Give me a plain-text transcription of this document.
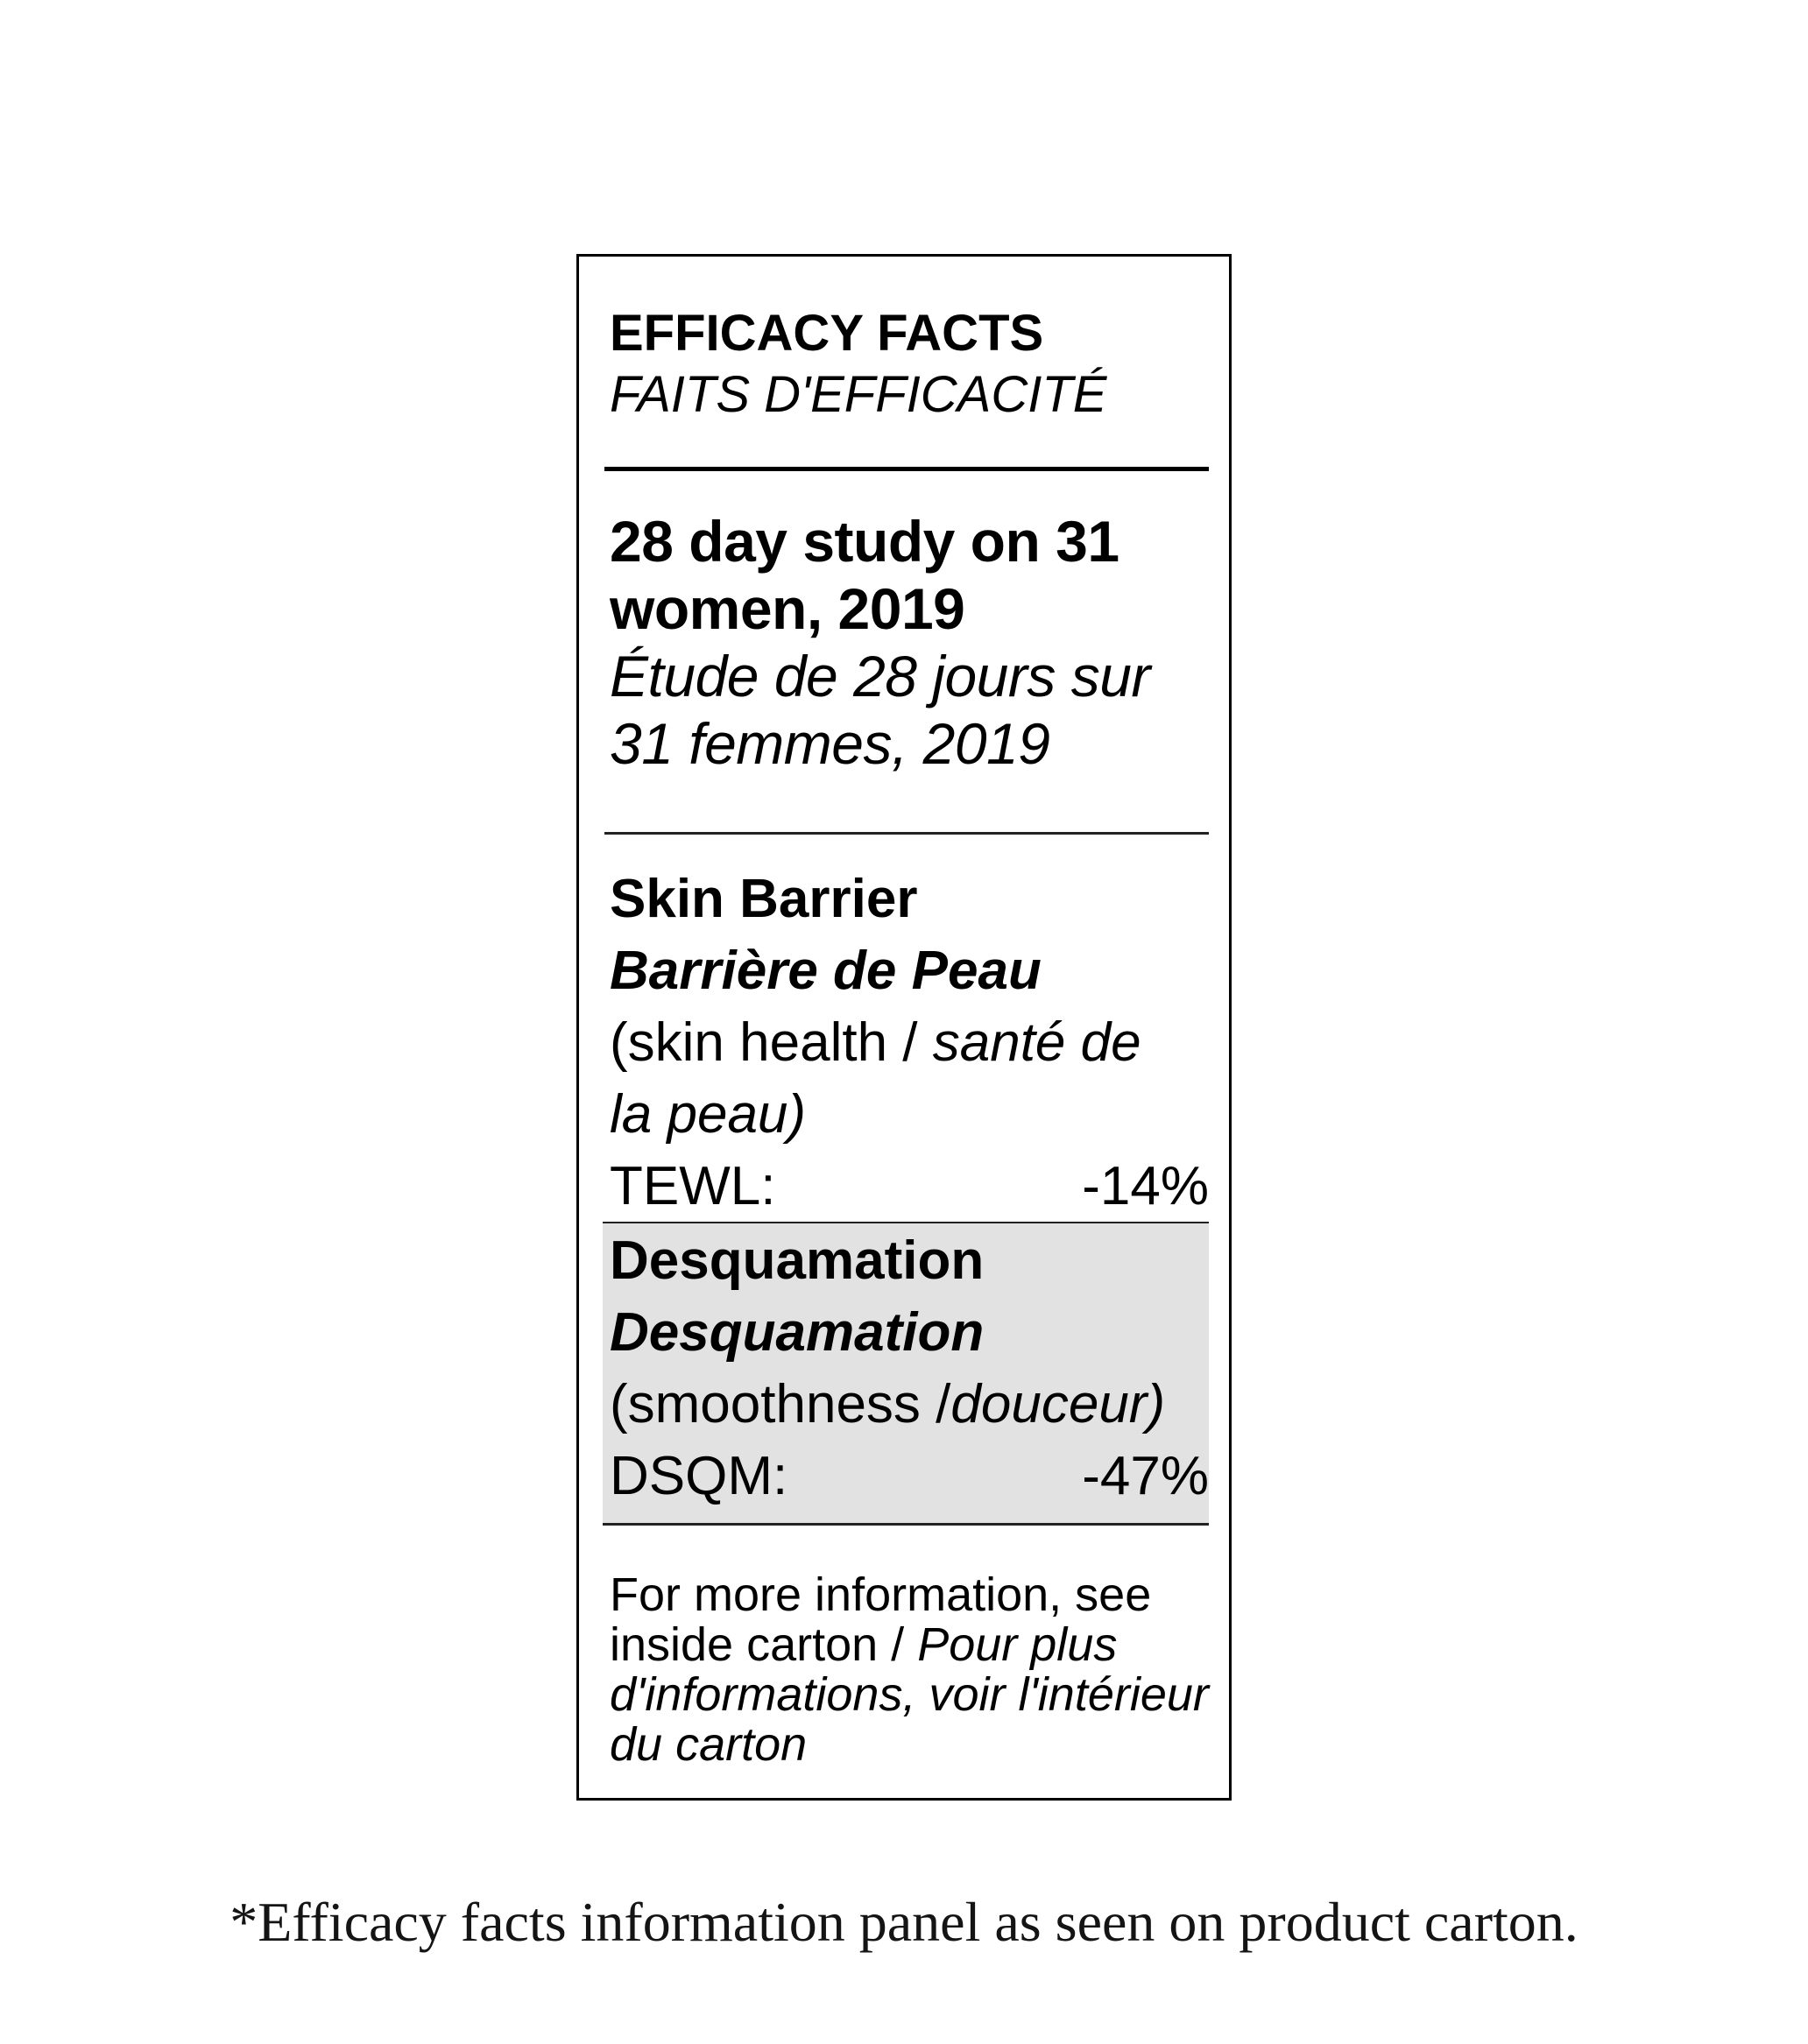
EFFICACY FACTS
FAITS D'EFFICACITÉ
28 day study on 31
women, 2019
Étude de 28 jours sur
31 femmes, 2019
Skin Barrier
Barrière de Peau
(skin health / santé de
la peau)
TEWL:	-14%
Desquamation
Desquamation
(smoothness /douceur)
DSQM:	-47%
For more information, see
inside carton / Pour plus
d'informations, voir l'intérieur
du carton
*Efficacy facts information panel as seen on product carton.
